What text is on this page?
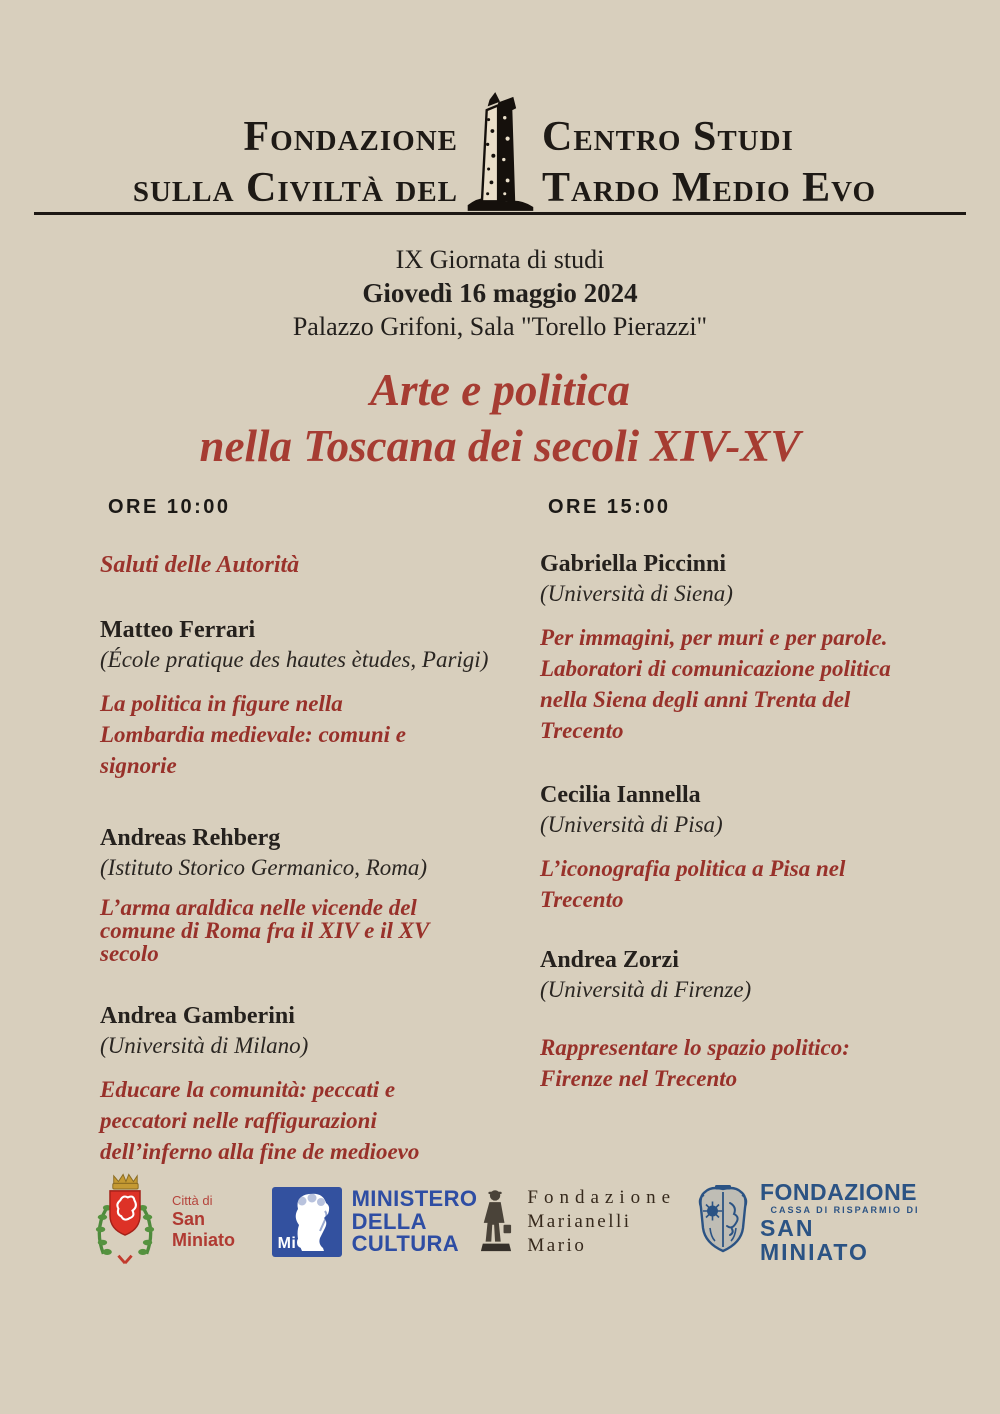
Fondazione
sulla Civiltà del
Centro Studi
Tardo Medio Evo
IX Giornata di studi
Giovedì 16 maggio 2024
Palazzo Grifoni, Sala "Torello Pierazzi"
Arte e politica
nella Toscana dei secoli XIV-XV
ORE 10:00
Saluti delle Autorità
Matteo Ferrari
(École pratique des hautes ètudes, Parigi)
La politica in figure nella
Lombardia medievale: comuni e
signorie
Andreas Rehberg
(Istituto Storico Germanico, Roma)
L’arma araldica nelle vicende del
comune di Roma fra il XIV e il XV
secolo
Andrea Gamberini
(Università di Milano)
Educare la comunità: peccati e
peccatori nelle raffigurazioni
dell’inferno alla fine de medioevo
ORE 15:00
Gabriella Piccinni
(Università di Siena)
Per immagini, per muri e per parole.
Laboratori di comunicazione politica
nella Siena degli anni Trenta del
Trecento
Cecilia Iannella
(Università di Pisa)
L’iconografia politica a Pisa nel
Trecento
Andrea Zorzi
(Università di Firenze)
Rappresentare lo spazio politico:
Firenze nel Trecento
Città di
San Miniato	MiC
MINISTERO
DELLA
CULTURA
Fondazione
Marianelli Mario
FONDAZIONE
CASSA DI RISPARMIO DI
SAN MINIATO
